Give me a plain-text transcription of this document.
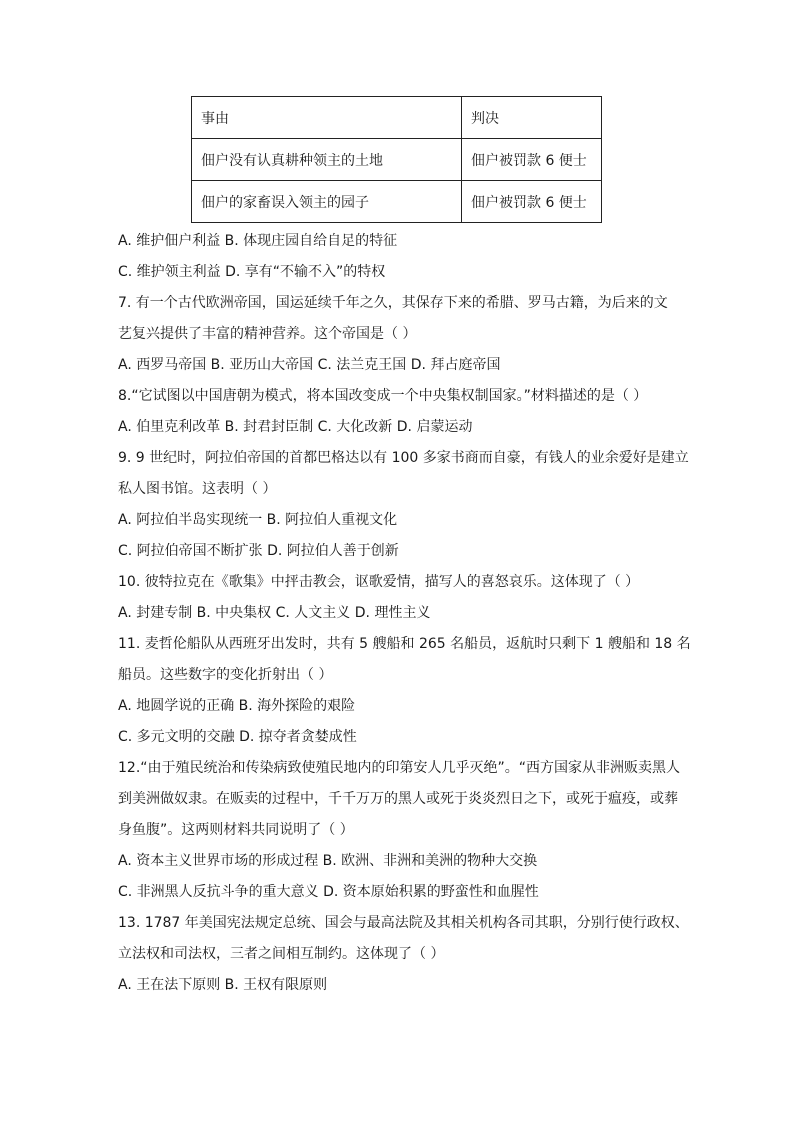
事由	判决
佃户没有认真耕种领主的土地	佃户被罚款 6 便士
佃户的家畜误入领主的园子	佃户被罚款 6 便士
A. 维护佃户利益 B. 体现庄园自给自足的特征
C. 维护领主利益 D. 享有“不输不入”的特权
7. 有一个古代欧洲帝国，国运延续千年之久，其保存下来的希腊、罗马古籍，为后来的文
艺复兴提供了丰富的精神营养。这个帝国是（ ）
A. 西罗马帝国 B. 亚历山大帝国 C. 法兰克王国 D. 拜占庭帝国
8.“它试图以中国唐朝为模式，将本国改变成一个中央集权制国家。”材料描述的是（ ）
A. 伯里克利改革 B. 封君封臣制 C. 大化改新 D. 启蒙运动
9. 9 世纪时，阿拉伯帝国的首都巴格达以有 100 多家书商而自豪，有钱人的业余爱好是建立
私人图书馆。这表明（ ）
A. 阿拉伯半岛实现统一 B. 阿拉伯人重视文化
C. 阿拉伯帝国不断扩张 D. 阿拉伯人善于创新
10. 彼特拉克在《歌集》中抨击教会，讴歌爱情，描写人的喜怒哀乐。这体现了（ ）
A. 封建专制 B. 中央集权 C. 人文主义 D. 理性主义
11. 麦哲伦船队从西班牙出发时，共有 5 艘船和 265 名船员，返航时只剩下 1 艘船和 18 名
船员。这些数字的变化折射出（ ）
A. 地圆学说的正确 B. 海外探险的艰险
C. 多元文明的交融 D. 掠夺者贪婪成性
12.“由于殖民统治和传染病致使殖民地内的印第安人几乎灭绝”。“西方国家从非洲贩卖黑人
到美洲做奴隶。在贩卖的过程中，千千万万的黑人或死于炎炎烈日之下，或死于瘟疫，或葬
身鱼腹”。这两则材料共同说明了（ ）
A. 资本主义世界市场的形成过程 B. 欧洲、非洲和美洲的物种大交换
C. 非洲黑人反抗斗争的重大意义 D. 资本原始积累的野蛮性和血腥性
13. 1787 年美国宪法规定总统、国会与最高法院及其相关机构各司其职，分别行使行政权、
立法权和司法权，三者之间相互制约。这体现了（ ）
A. 王在法下原则 B. 王权有限原则
